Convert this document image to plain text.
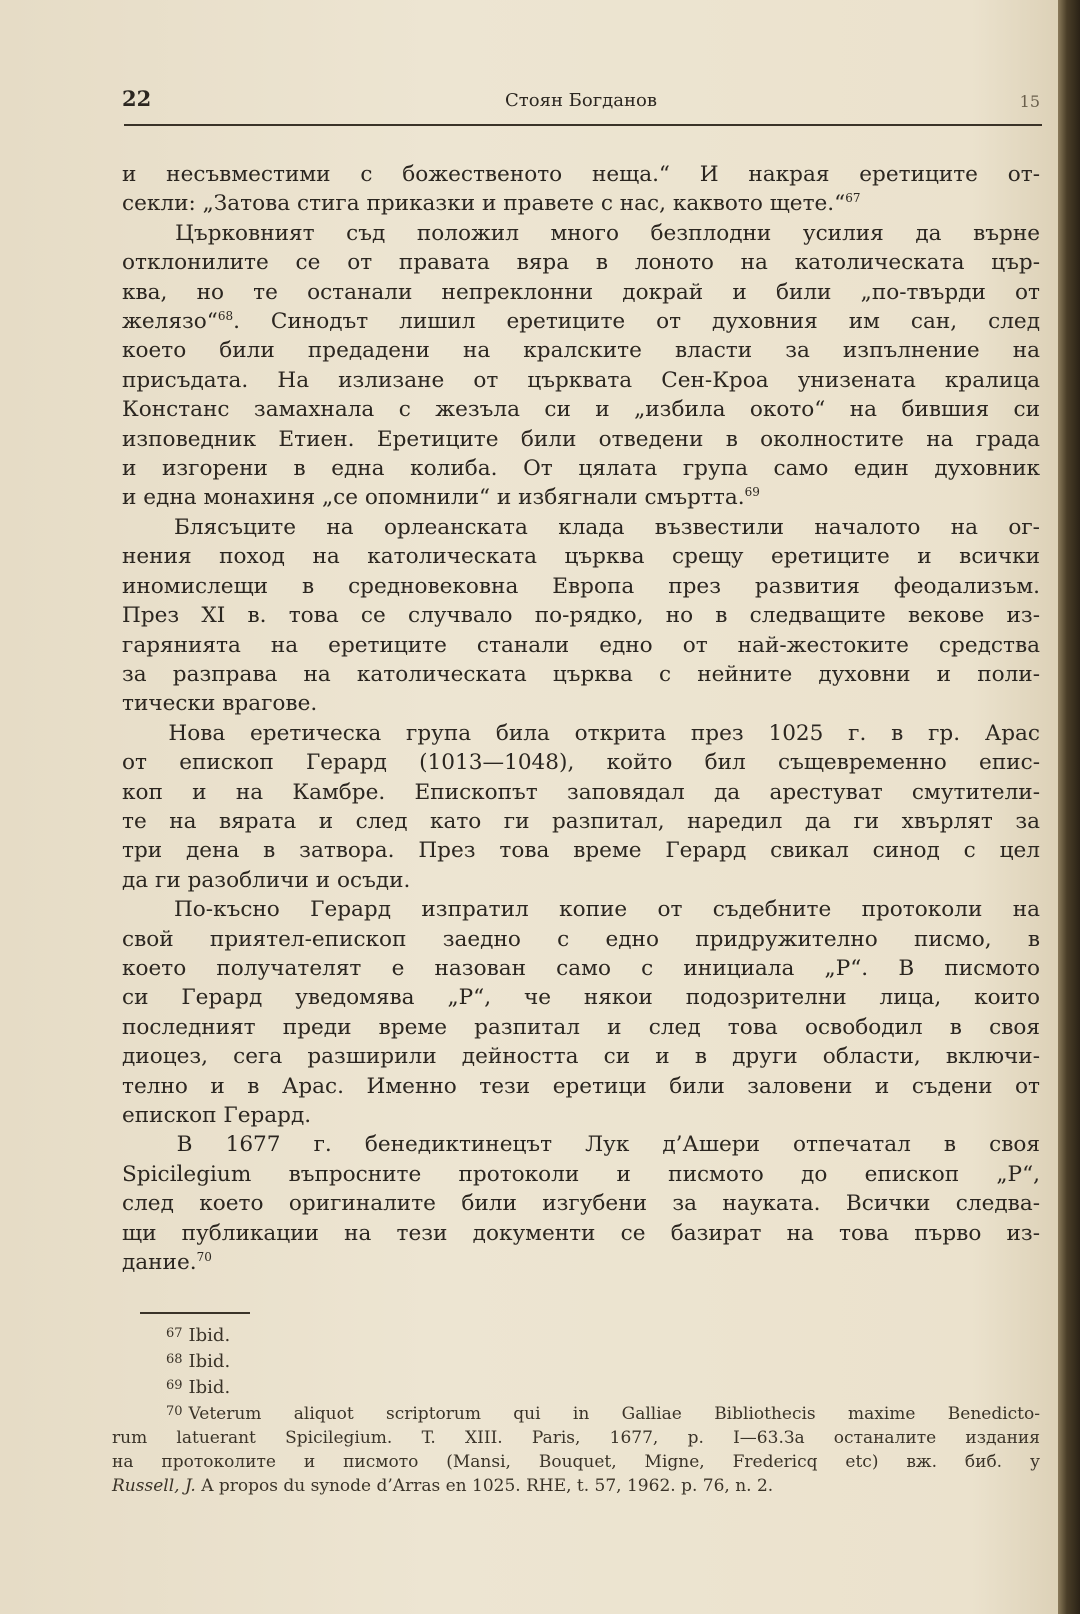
22	Стоян Богданов	15
и несъвместими с божественото неща.“ И накрая еретиците от-
секли: „Затова стига приказки и правете с нас, каквото щете.“$^{67}$
  Църковният съд положил много безплодни усилия да върне
отклонилите се от правата вяра в лоното на католическата цър-
ква, но те останали непреклонни докрай и били „по-твърди от
желязо“$^{68}$. Синодът лишил еретиците от духовния им сан, след
което били предадени на кралските власти за изпълнение на
присъдата. На излизане от църквата Сен-Кроа унизената кралица
Констанс замахнала с жезъла си и „избила окото“ на бившия си
изповедник Етиен. Еретиците били отведени в околностите на града
и изгорени в една колиба. От цялата група само един духовник
и една монахиня „се опомнили“ и избягнали смъртта.$^{69}$
  Блясъците на орлеанската клада възвестили началото на ог-
нения поход на католическата църква срещу еретиците и всички
иномислещи в средновековна Европа през развития феодализъм.
През XI в. това се случвало по-рядко, но в следващите векове из-
гарянията на еретиците станали едно от най-жестоките средства
за разправа на католическата църква с нейните духовни и поли-
тически врагове.
  Нова еретическа група била открита през 1025 г. в гр. Арас
от епископ Герард (1013—1048), който бил същевременно епис-
коп и на Камбре. Епископът заповядал да арестуват смутители-
те на вярата и след като ги разпитал, наредил да ги хвърлят за
три дена в затвора. През това време Герард свикал синод с цел
да ги разобличи и осъди.
  По-късно Герард изпратил копие от съдебните протоколи на
свой приятел-епископ заедно с едно придружително писмо, в
което получателят е назован само с инициала „Р“. В писмото
си Герард уведомява „Р“, че някои подозрителни лица, които
последният преди време разпитал и след това освободил в своя
диоцез, сега разширили дейността си и в други области, включи-
телно и в Арас. Именно тези еретици били заловени и съдени от
епископ Герард.
  В 1677 г. бенедиктинецът Лук д’Ашери отпечатал в своя
Spicilegium въпросните протоколи и писмото до епископ „Р“,
след което оригиналите били изгубени за науката. Всички следва-
щи публикации на тези документи се базират на това първо из-
дание.$^{70}$
$^{67}$ Ibid.
$^{68}$ Ibid.
$^{69}$ Ibid.
$^{70}$ Veterum aliquot scriptorum qui in Galliae Bibliothecis maxime Benedicto-
rum latuerant Spicilegium. T. XIII. Paris, 1677, p. I—63.За останалите издания
на протоколите и писмото (Mansi, Bouquet, Migne, Fredericq etc) вж. биб. у
Russell, J. A propos du synode d’Arras en 1025. RHE, t. 57, 1962. p. 76, n. 2.
